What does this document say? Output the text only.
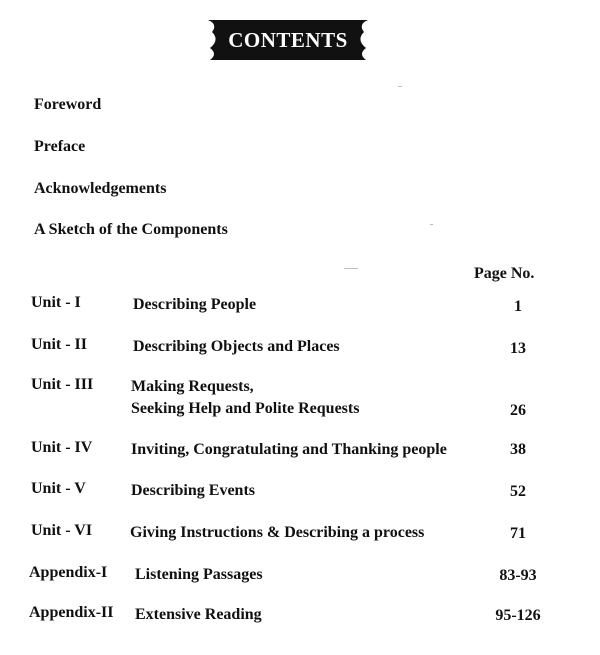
CONTENTS
Foreword
Preface
Acknowledgements
A Sketch of the Components
Page No.
Unit - I	Describing People	1
Unit - II	Describing Objects and Places	13
Unit - III Making Requests,
Seeking Help and Polite Requests	26
Unit - IV Inviting, Congratulating and Thanking people	38
Unit - V	Describing Events	52
Unit - VI Giving Instructions & Describing a process	71
Appendix-I Listening Passages	83-93
Appendix-II Extensive Reading	95-126
